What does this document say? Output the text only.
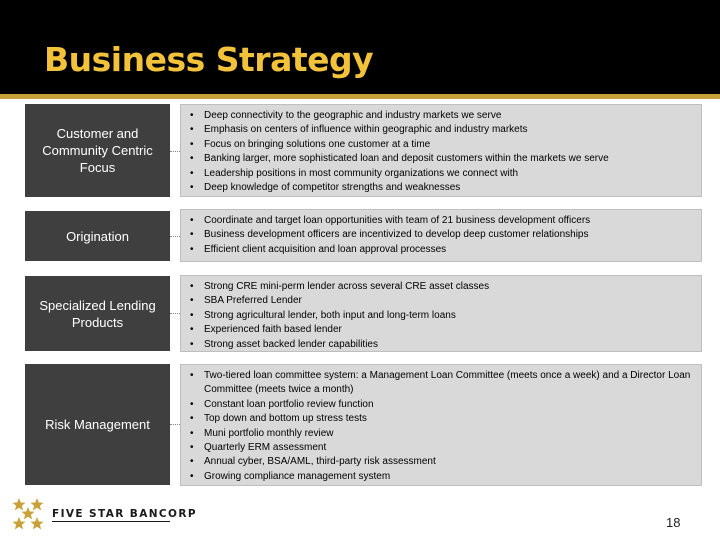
Business Strategy
Customer and Community Centric Focus
• Deep connectivity to the geographic and industry markets we serve
• Emphasis on centers of influence within geographic and industry markets
• Focus on bringing solutions one customer at a time
• Banking larger, more sophisticated loan and deposit customers within the markets we serve
• Leadership positions in most community organizations we connect with
• Deep knowledge of competitor strengths and weaknesses
Origination
• Coordinate and target loan opportunities with team of 21 business development officers
• Business development officers are incentivized to develop deep customer relationships
• Efficient client acquisition and loan approval processes
Specialized Lending Products
• Strong CRE mini-perm lender across several CRE asset classes
• SBA Preferred Lender
• Strong agricultural lender, both input and long-term loans
• Experienced faith based lender
• Strong asset backed lender capabilities
Risk Management
• Two-tiered loan committee system: a Management Loan Committee (meets once a week) and a Director Loan Committee (meets twice a month)
• Constant loan portfolio review function
• Top down and bottom up stress tests
• Muni portfolio monthly review
• Quarterly ERM assessment
• Annual cyber, BSA/AML, third-party risk assessment
• Growing compliance management system
FIVE STAR BANCORP
18
